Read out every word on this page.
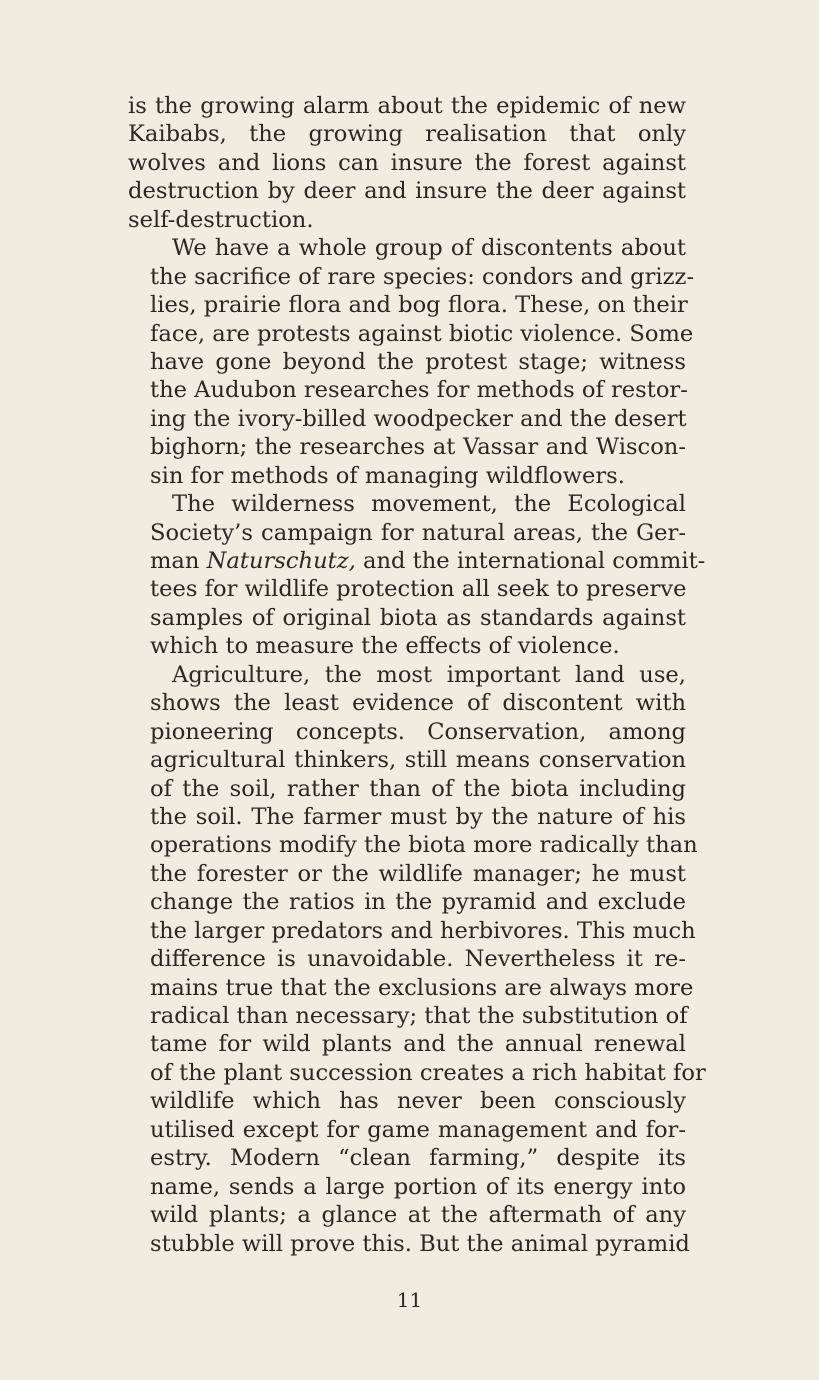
is the growing alarm about the epidemic of new
Kaibabs, the growing realisation that only
wolves and lions can insure the forest against
destruction by deer and insure the deer against
self-destruction.
We have a whole group of discontents about
the sacrifice of rare species: condors and grizz-
lies, prairie flora and bog flora. These, on their
face, are protests against biotic violence. Some
have gone beyond the protest stage; witness
the Audubon researches for methods of restor-
ing the ivory-billed woodpecker and the desert
bighorn; the researches at Vassar and Wiscon-
sin for methods of managing wildflowers.
The wilderness movement, the Ecological
Society’s campaign for natural areas, the Ger-
man Naturschutz, and the international commit-
tees for wildlife protection all seek to preserve
samples of original biota as standards against
which to measure the effects of violence.
Agriculture, the most important land use,
shows the least evidence of discontent with
pioneering concepts. Conservation, among
agricultural thinkers, still means conservation
of the soil, rather than of the biota including
the soil. The farmer must by the nature of his
operations modify the biota more radically than
the forester or the wildlife manager; he must
change the ratios in the pyramid and exclude
the larger predators and herbivores. This much
difference is unavoidable. Nevertheless it re-
mains true that the exclusions are always more
radical than necessary; that the substitution of
tame for wild plants and the annual renewal
of the plant succession creates a rich habitat for
wildlife which has never been consciously
utilised except for game management and for-
estry. Modern “clean farming,” despite its
name, sends a large portion of its energy into
wild plants; a glance at the aftermath of any
stubble will prove this. But the animal pyramid
11
